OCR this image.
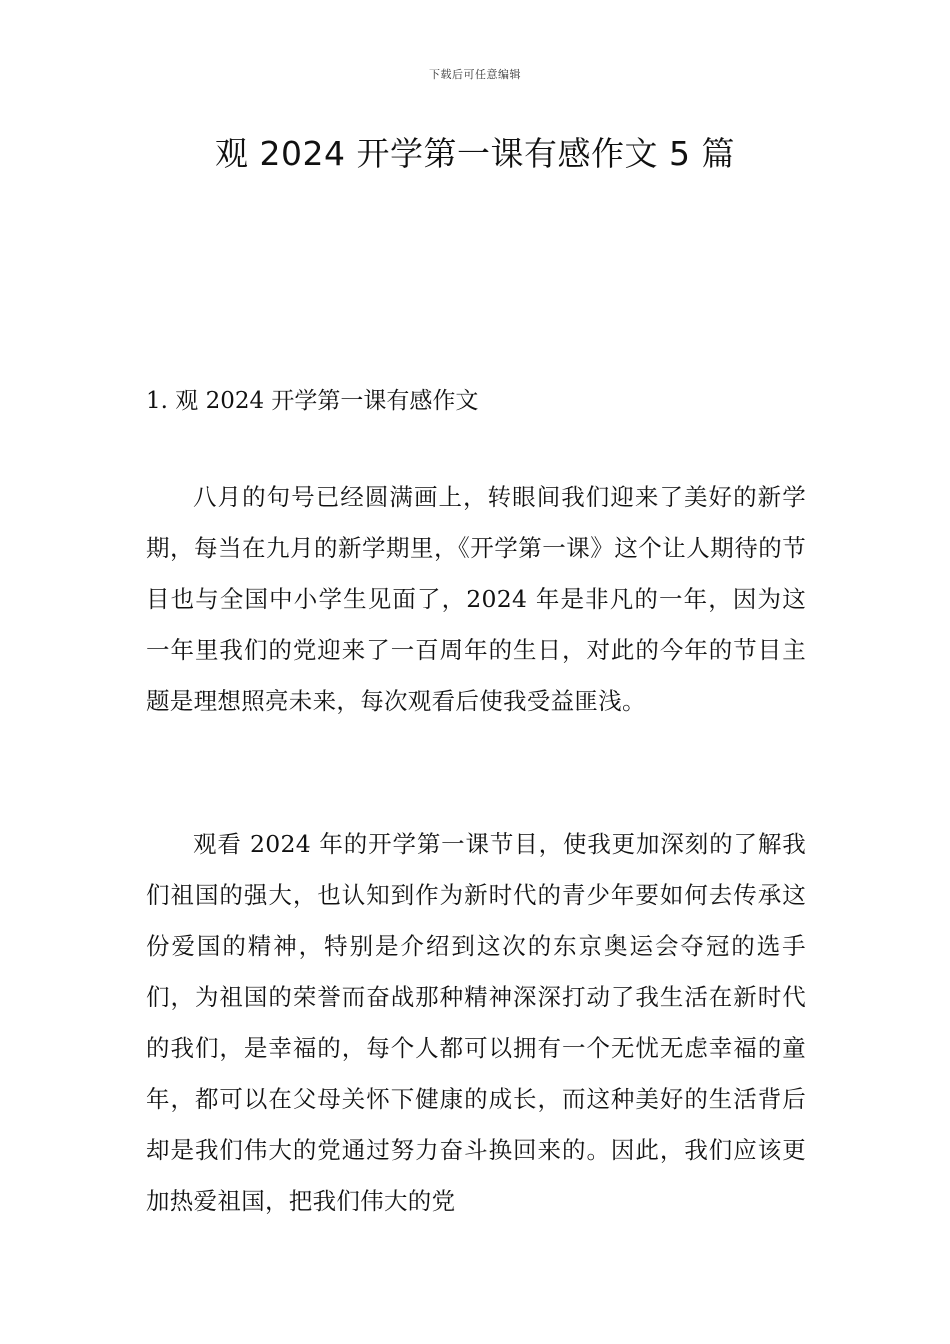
下载后可任意编辑
观 2024 开学第一课有感作文 5 篇
1. 观 2024 开学第一课有感作文

八月的句号已经圆满画上，转眼间我们迎来了美好的新学期，每当在九月的新学期里，《开学第一课》这个让人期待的节目也与全国中小学生见面了，2024 年是非凡的一年，因为这一年里我们的党迎来了一百周年的生日，对此的今年的节目主题是理想照亮未来，每次观看后使我受益匪浅。

观看 2024 年的开学第一课节目，使我更加深刻的了解我们祖国的强大，也认知到作为新时代的青少年要如何去传承这份爱国的精神，特别是介绍到这次的东京奥运会夺冠的选手们，为祖国的荣誉而奋战那种精神深深打动了我生活在新时代的我们，是幸福的，每个人都可以拥有一个无忧无虑幸福的童年，都可以在父母关怀下健康的成长，而这种美好的生活背后却是我们伟大的党通过努力奋斗换回来的。因此，我们应该更加热爱祖国，把我们伟大的党
